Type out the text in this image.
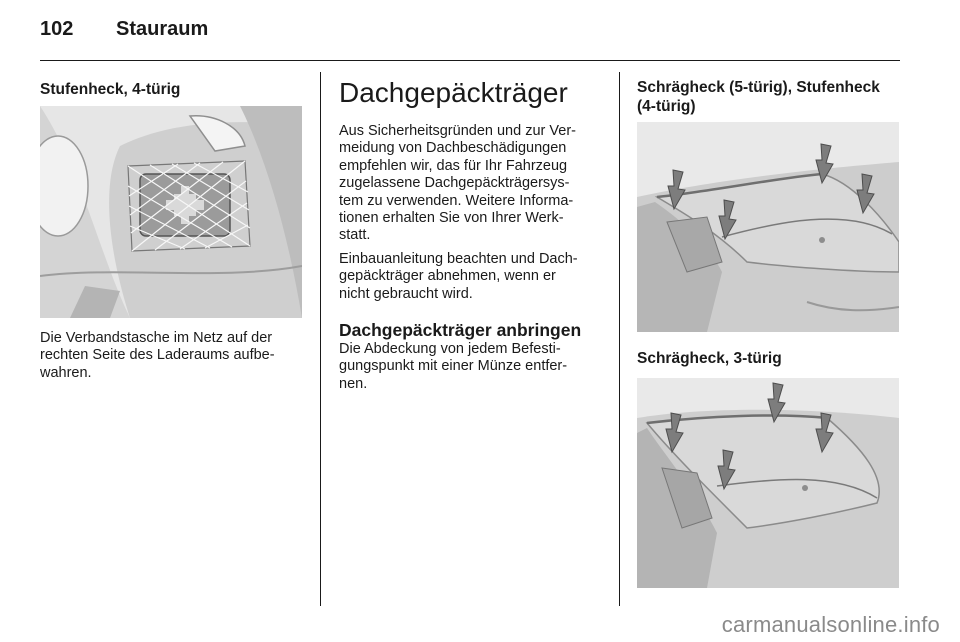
102 Stauraum
Stufenheck, 4-türig

Die Verbandstasche im Netz auf der
rechten Seite des Laderaums aufbe-
wahren.

Dachgepäckträger

Aus Sicherheitsgründen und zur Ver-
meidung von Dachbeschädigungen
empfehlen wir, das für Ihr Fahrzeug
zugelassene Dachgepäckträgersys-
tem zu verwenden. Weitere Informa-
tionen erhalten Sie von Ihrer Werk-
statt.

Einbauanleitung beachten und Dach-
gepäckträger abnehmen, wenn er
nicht gebraucht wird.

Dachgepäckträger anbringen

Die Abdeckung von jedem Befesti-
gungspunkt mit einer Münze entfer-
nen.

Schrägheck (5-türig), Stufenheck
(4-türig)
Schrägheck, 3-türig
carmanualsonline.info
